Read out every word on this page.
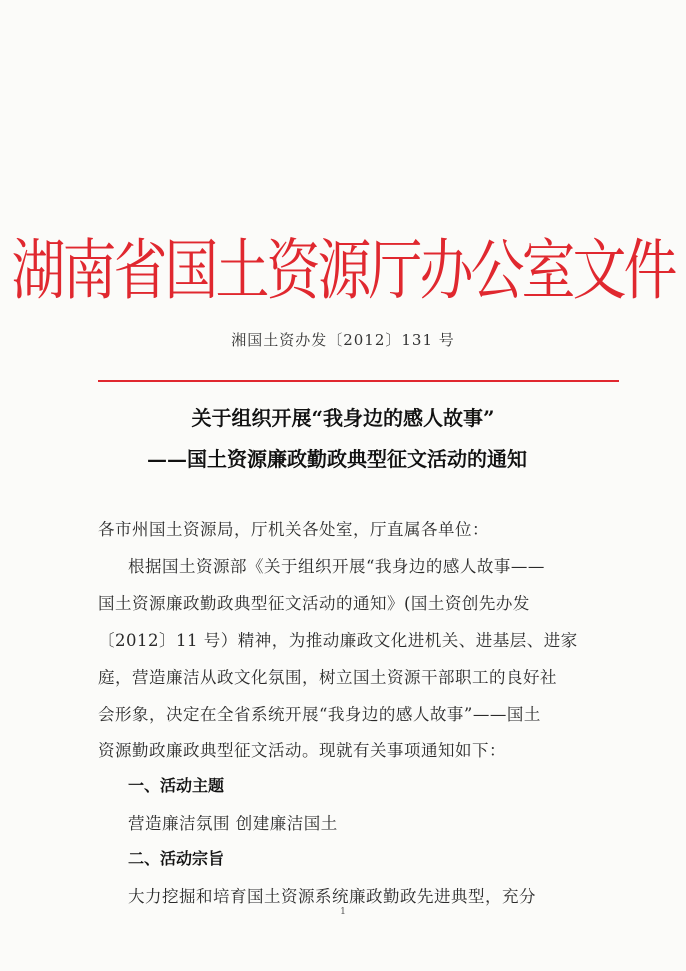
湖南省国土资源厅办公室文件
湘国土资办发〔2012〕131 号
关于组织开展“我身边的感人故事”
——国土资源廉政勤政典型征文活动的通知
各市州国土资源局，厅机关各处室，厅直属各单位：
根据国土资源部《关于组织开展“我身边的感人故事——
国土资源廉政勤政典型征文活动的通知》(国土资创先办发
〔2012〕11 号）精神，为推动廉政文化进机关、进基层、进家
庭，营造廉洁从政文化氛围，树立国土资源干部职工的良好社
会形象，决定在全省系统开展“我身边的感人故事”——国土
资源勤政廉政典型征文活动。现就有关事项通知如下：
一、活动主题
营造廉洁氛围 创建廉洁国土
二、活动宗旨
大力挖掘和培育国土资源系统廉政勤政先进典型，充分
1
